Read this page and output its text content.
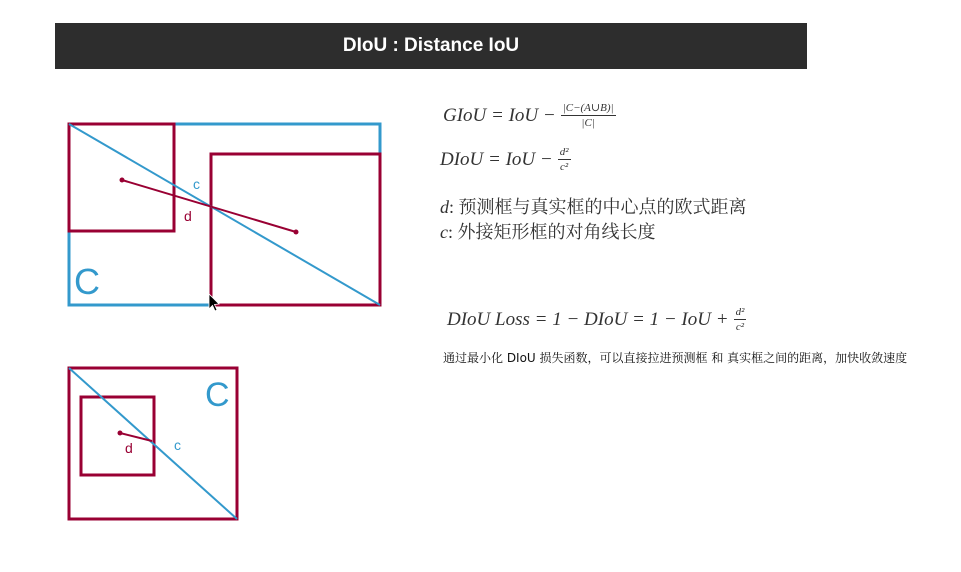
DIoU : Distance IoU
c
d
C
C
c
d
GIoU = IoU − $\frac{|C-(A\cup B)|}{|C|}$
DIoU = IoU − $\frac{\text{d²}}{\text{c²}}$
d: 预测框与真实框的中心点的欧式距离
c: 外接矩形框的对角线长度
DIoU Loss = 1 − DIoU = 1 − IoU + $\frac{\text{d²}}{\text{c²}}$
通过最小化 DIoU 损失函数，可以直接拉进预测框 和 真实框之间的距离，加快收敛速度
